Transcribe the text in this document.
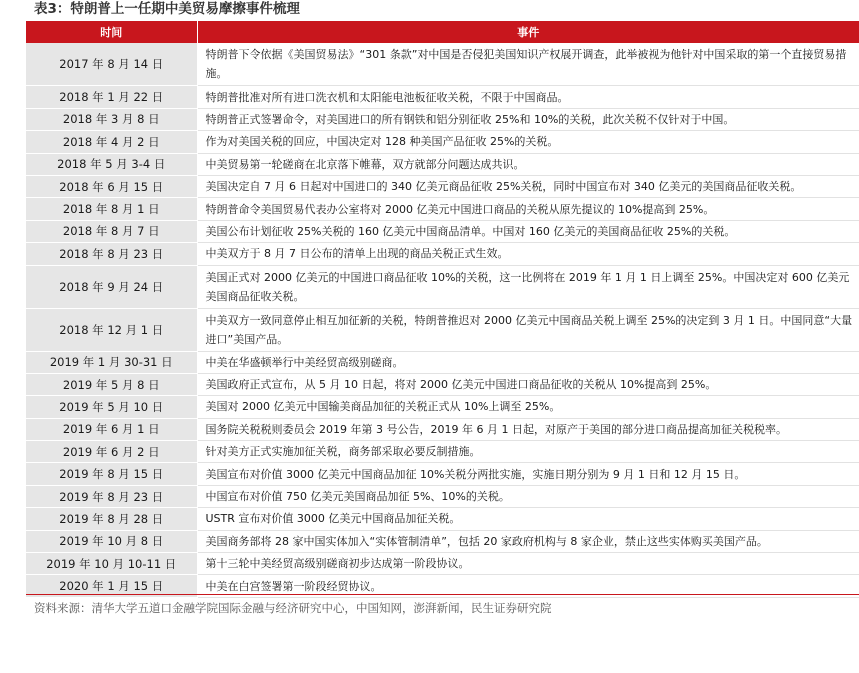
表3：特朗普上一任期中美贸易摩擦事件梳理
时间	事件
2017 年 8 月 14 日	特朗普下令依据《美国贸易法》“301 条款”对中国是否侵犯美国知识产权展开调查，此举被视为他针对中国采取的第一个直接贸易措施。
2018 年 1 月 22 日	特朗普批准对所有进口洗衣机和太阳能电池板征收关税，不限于中国商品。
2018 年 3 月 8 日	特朗普正式签署命令，对美国进口的所有钢铁和铝分别征收 25%和 10%的关税，此次关税不仅针对于中国。
2018 年 4 月 2 日	作为对美国关税的回应，中国决定对 128 种美国产品征收 25%的关税。
2018 年 5 月 3-4 日	中美贸易第一轮磋商在北京落下帷幕，双方就部分问题达成共识。
2018 年 6 月 15 日	美国决定自 7 月 6 日起对中国进口的 340 亿美元商品征收 25%关税，同时中国宣布对 340 亿美元的美国商品征收关税。
2018 年 8 月 1 日	特朗普命令美国贸易代表办公室将对 2000 亿美元中国进口商品的关税从原先提议的 10%提高到 25%。
2018 年 8 月 7 日	美国公布计划征收 25%关税的 160 亿美元中国商品清单。中国对 160 亿美元的美国商品征收 25%的关税。
2018 年 8 月 23 日	中美双方于 8 月 7 日公布的清单上出现的商品关税正式生效。
2018 年 9 月 24 日	美国正式对 2000 亿美元的中国进口商品征收 10%的关税，这一比例将在 2019 年 1 月 1 日上调至 25%。中国决定对 600 亿美元美国商品征收关税。
2018 年 12 月 1 日	中美双方一致同意停止相互加征新的关税，特朗普推迟对 2000 亿美元中国商品关税上调至 25%的决定到 3 月 1 日。中国同意“大量进口”美国产品。
2019 年 1 月 30-31 日	中美在华盛顿举行中美经贸高级别磋商。
2019 年 5 月 8 日	美国政府正式宣布，从 5 月 10 日起，将对 2000 亿美元中国进口商品征收的关税从 10%提高到 25%。
2019 年 5 月 10 日	美国对 2000 亿美元中国输美商品加征的关税正式从 10%上调至 25%。
2019 年 6 月 1 日	国务院关税税则委员会 2019 年第 3 号公告，2019 年 6 月 1 日起，对原产于美国的部分进口商品提高加征关税税率。
2019 年 6 月 2 日	针对美方正式实施加征关税，商务部采取必要反制措施。
2019 年 8 月 15 日	美国宣布对价值 3000 亿美元中国商品加征 10%关税分两批实施，实施日期分别为 9 月 1 日和 12 月 15 日。
2019 年 8 月 23 日	中国宣布对价值 750 亿美元美国商品加征 5%、10%的关税。
2019 年 8 月 28 日	USTR 宣布对价值 3000 亿美元中国商品加征关税。
2019 年 10 月 8 日	美国商务部将 28 家中国实体加入“实体管制清单”，包括 20 家政府机构与 8 家企业，禁止这些实体购买美国产品。
2019 年 10 月 10-11 日	第十三轮中美经贸高级别磋商初步达成第一阶段协议。
2020 年 1 月 15 日	中美在白宫签署第一阶段经贸协议。
资料来源：清华大学五道口金融学院国际金融与经济研究中心，中国知网，澎湃新闻，民生证券研究院
